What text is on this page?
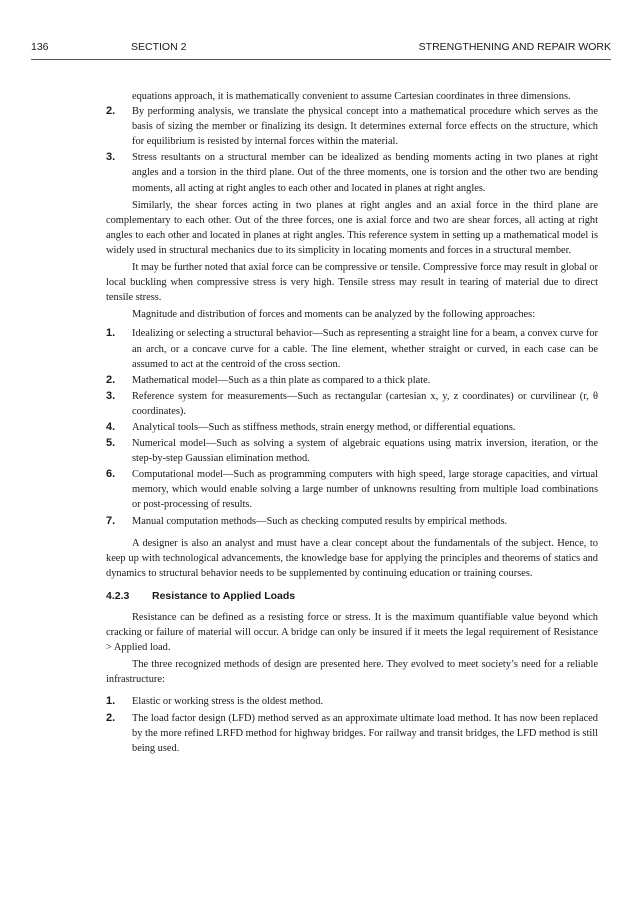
136	SECTION 2	STRENGTHENING AND REPAIR WORK

equations approach, it is mathematically convenient to assume Cartesian coordinates in three dimensions.

2. By performing analysis, we translate the physical concept into a mathematical procedure which serves as the basis of sizing the member or finalizing its design. It determines external force effects on the structure, which for equilibrium is resisted by internal forces within the material.
3. Stress resultants on a structural member can be idealized as bending moments acting in two planes at right angles and a torsion in the third plane. Out of the three moments, one is torsion and the other two are bending moments, all acting at right angles to each other and located in planes at right angles.

Similarly, the shear forces acting in two planes at right angles and an axial force in the third plane are complementary to each other. Out of the three forces, one is axial force and two are shear forces, all acting at right angles to each other and located in planes at right angles. This reference system in setting up a mathematical model is widely used in structural mechanics due to its simplicity in locating moments and forces in a structural member.

It may be further noted that axial force can be compressive or tensile. Compressive force may result in global or local buckling when compressive stress is very high. Tensile stress may result in tearing of material due to direct tensile stress.

Magnitude and distribution of forces and moments can be analyzed by the following approaches:

1. Idealizing or selecting a structural behavior—Such as representing a straight line for a beam, a convex curve for an arch, or a concave curve for a cable. The line element, whether straight or curved, in each case can be assumed to act at the centroid of the cross section.
2. Mathematical model—Such as a thin plate as compared to a thick plate.
3. Reference system for measurements—Such as rectangular (cartesian x, y, z coordinates) or curvilinear (r, θ coordinates).
4. Analytical tools—Such as stiffness methods, strain energy method, or differential equations.
5. Numerical model—Such as solving a system of algebraic equations using matrix inversion, iteration, or the step-by-step Gaussian elimination method.
6. Computational model—Such as programming computers with high speed, large storage capacities, and virtual memory, which would enable solving a large number of unknowns resulting from multiple load combinations or post-processing of results.
7. Manual computation methods—Such as checking computed results by empirical methods.

A designer is also an analyst and must have a clear concept about the fundamentals of the subject. Hence, to keep up with technological advancements, the knowledge base for applying the principles and theorems of statics and dynamics to structural behavior needs to be supplemented by continuing education or training courses.

4.2.3 Resistance to Applied Loads

Resistance can be defined as a resisting force or stress. It is the maximum quantifiable value beyond which cracking or failure of material will occur. A bridge can only be insured if it meets the legal requirement of Resistance > Applied load.

The three recognized methods of design are presented here. They evolved to meet society’s need for a reliable infrastructure:

1. Elastic or working stress is the oldest method.
2. The load factor design (LFD) method served as an approximate ultimate load method. It has now been replaced by the more refined LRFD method for highway bridges. For railway and transit bridges, the LFD method is still being used.
